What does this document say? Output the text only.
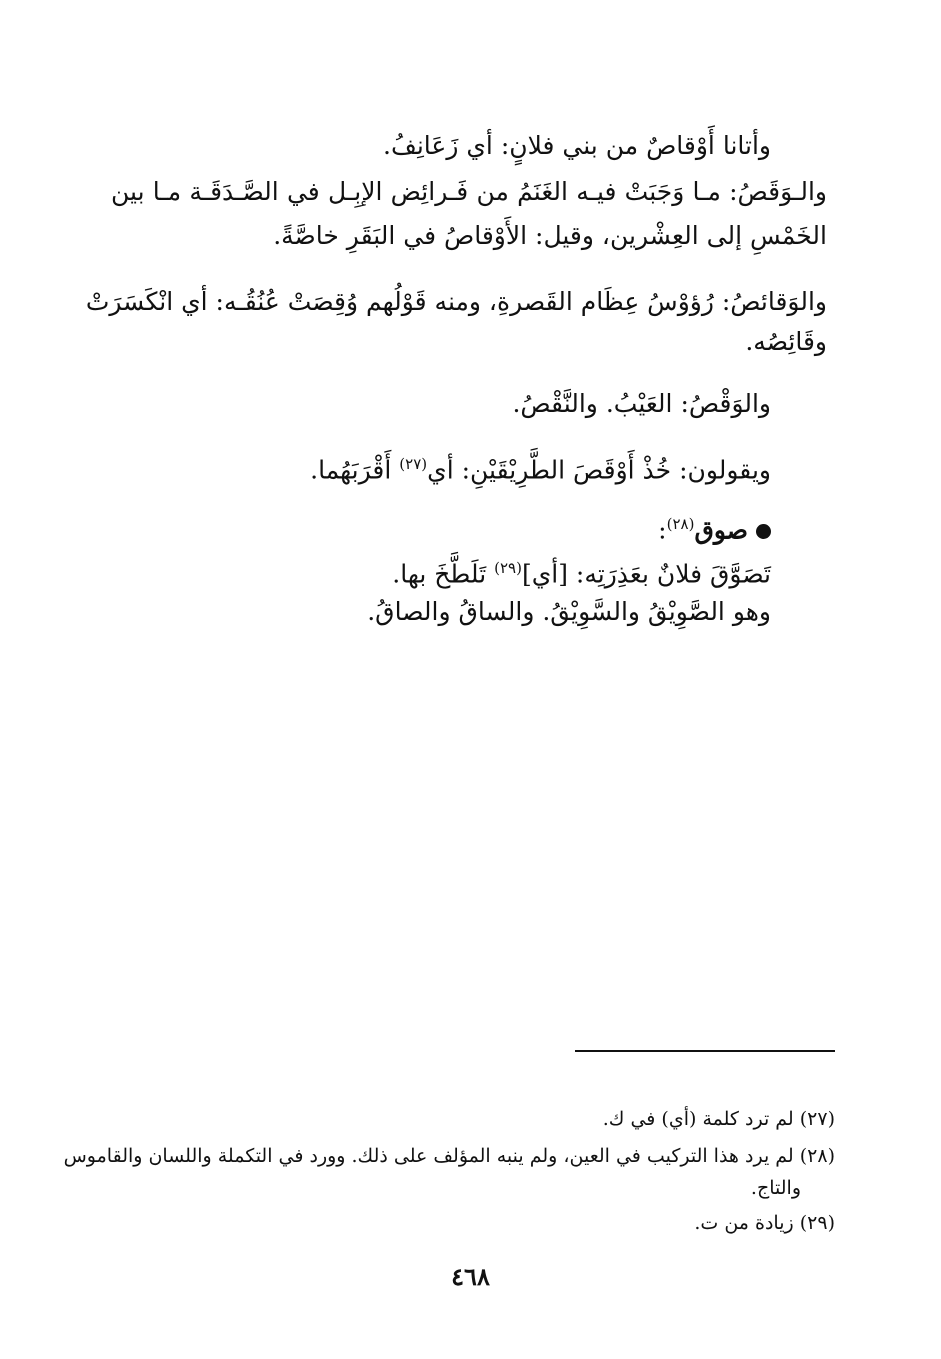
وأتانا أَوْقاصٌ من بني فلانٍ: أي زَعَانِفُ.
والـوَقَصُ: مـا وَجَبَتْ فيـه الغَنَمُ من فَـرائِض الإبِـل في الصَّـدَقَـة مـا بين
الخَمْسِ إلى العِشْرين، وقيل: الأَوْقاصُ في البَقَرِ خاصَّةً.
والوَقائصُ: رُؤوْسُ عِظَام القَصرةِ، ومنه قَوْلُهم وُقِصَتْ عُنُقُـه: أي انْكَسَرَتْ
وقَائِصُه.
والوَقْصُ: العَيْبُ. والنَّقْصُ.
ويقولون: خُذْ أَوْقَصَ الطَّرِيْقَيْنِ: أي$^{(٢٧)}$ أَقْرَبَهُما.
صوق$^{(٢٨)}$:
تَصَوَّقَ فلانٌ بعَذِرَتِه: [أي]$^{(٢٩)}$ تَلَطَّخَ بها.
وهو الصَّوِيْقُ والسَّوِيْقُ. والساقُ والصاقُ.
(٢٧) لم ترد كلمة (أي) في ك.
(٢٨) لم يرد هذا التركيب في العين، ولم ينبه المؤلف على ذلك. وورد في التكملة واللسان والقاموس
والتاج.
(٢٩) زيادة من ت.
٤٦٨
